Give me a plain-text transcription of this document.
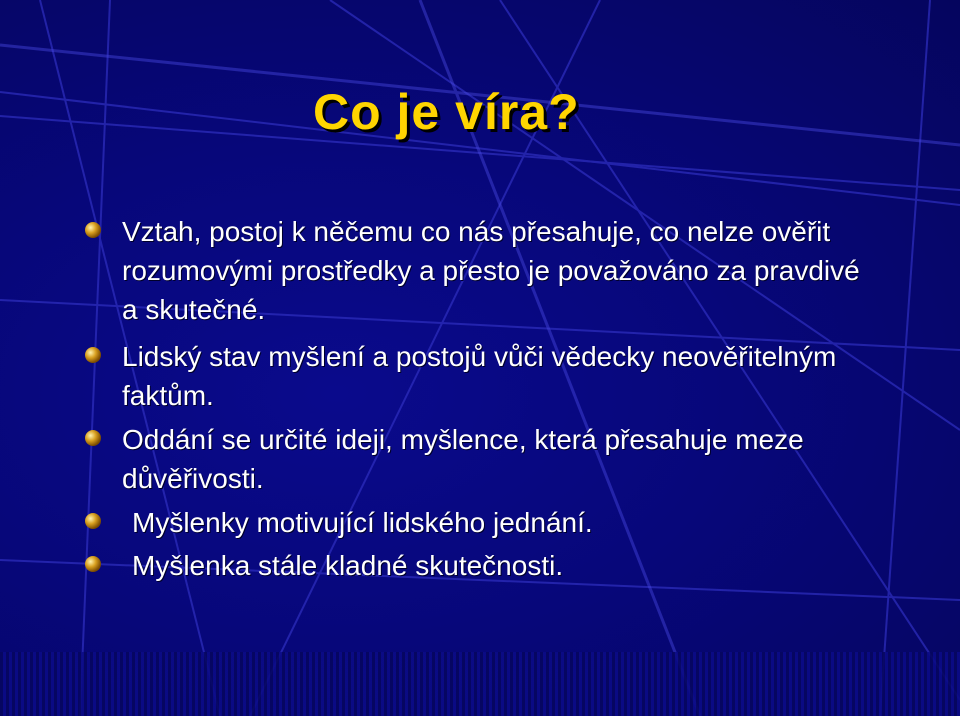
Co je víra?
Vztah, postoj k něčemu co nás přesahuje, co nelze ověřit rozumovými prostředky a přesto je považováno za pravdivé a skutečné.
Lidský stav myšlení a postojů vůči vědecky neověřitelným faktům.
Oddání se určité ideji, myšlence, která přesahuje meze důvěřivosti.
Myšlenky motivující lidského jednání.
Myšlenka stále kladné skutečnosti.
